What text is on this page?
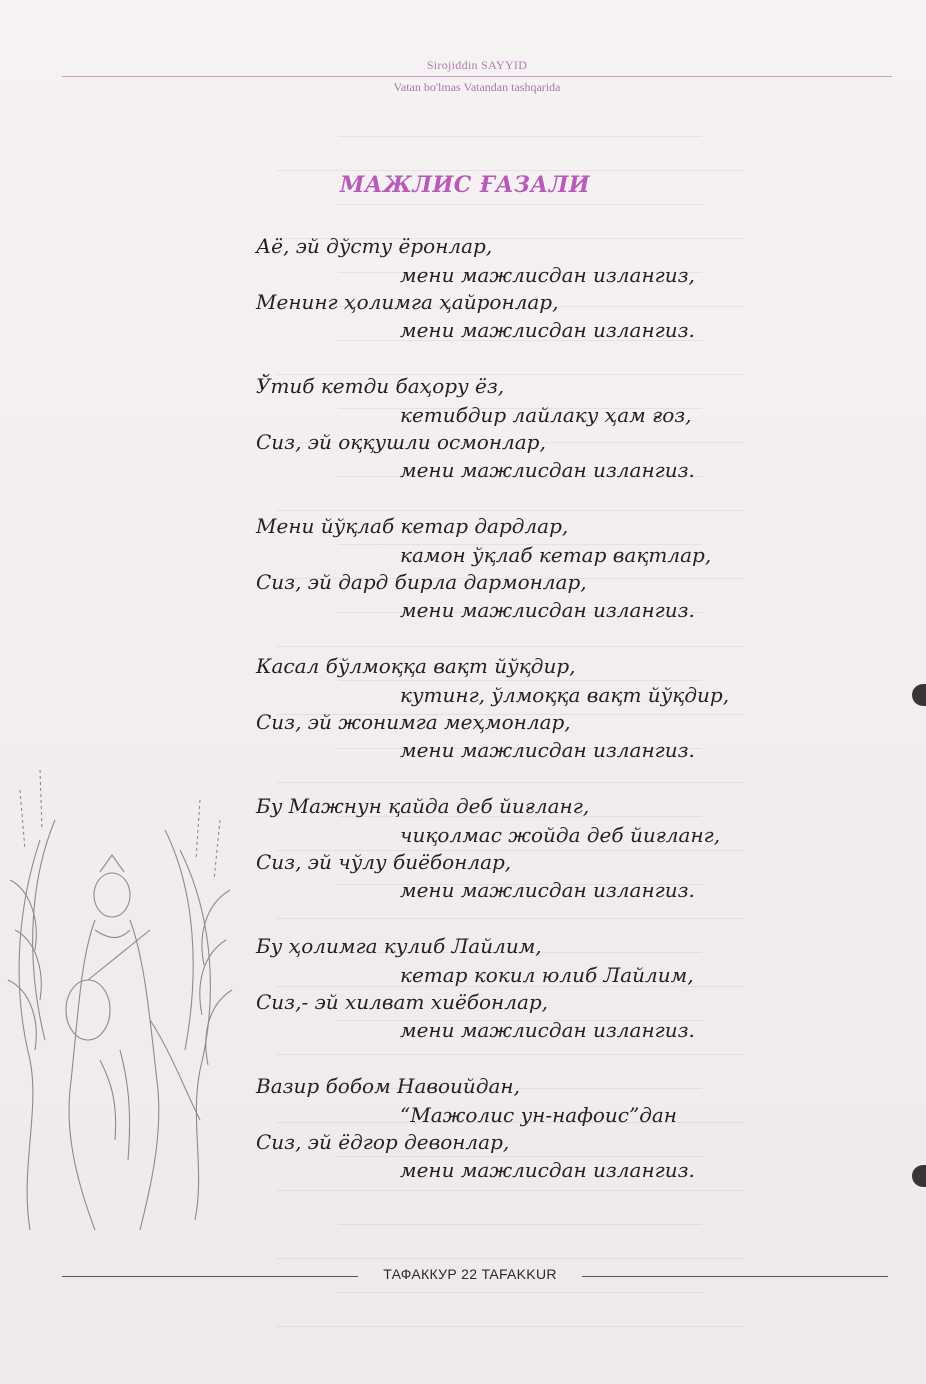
Sirojiddin SAYYID
Vatan bo'lmas Vatandan tashqarida
МАЖЛИС ҒАЗАЛИ
Аё, эй дўсту ёронлар,
мени мажлисдан излангиз,
Менинг ҳолимга ҳайронлар,
мени мажлисдан излангиз.
Ўтиб кетди баҳору ёз,
кетибдир лайлаку ҳам ғоз,
Сиз, эй оққушли осмонлар,
мени мажлисдан излангиз.
Мени йўқлаб кетар дардлар,
камон ўқлаб кетар вақтлар,
Сиз, эй дард бирла дармонлар,
мени мажлисдан излангиз.
Касал бўлмоққа вақт йўқдир,
кутинг, ўлмоққа вақт йўқдир,
Сиз, эй жонимга меҳмонлар,
мени мажлисдан излангиз.
Бу Мажнун қайда деб йиғланг,
чиқолмас жойда деб йиғланг,
Сиз, эй чўлу биёбонлар,
мени мажлисдан излангиз.
Бу ҳолимга кулиб Лайлим,
кетар кокил юлиб Лайлим,
Сиз,- эй хилват хиёбонлар,
мени мажлисдан излангиз.
Вазир бобом Навоийдан,
“Мажолис ун-нафоис”дан
Сиз, эй ёдгор девонлар,
мени мажлисдан излангиз.
ТАФАККУР 22 TAFAKKUR
